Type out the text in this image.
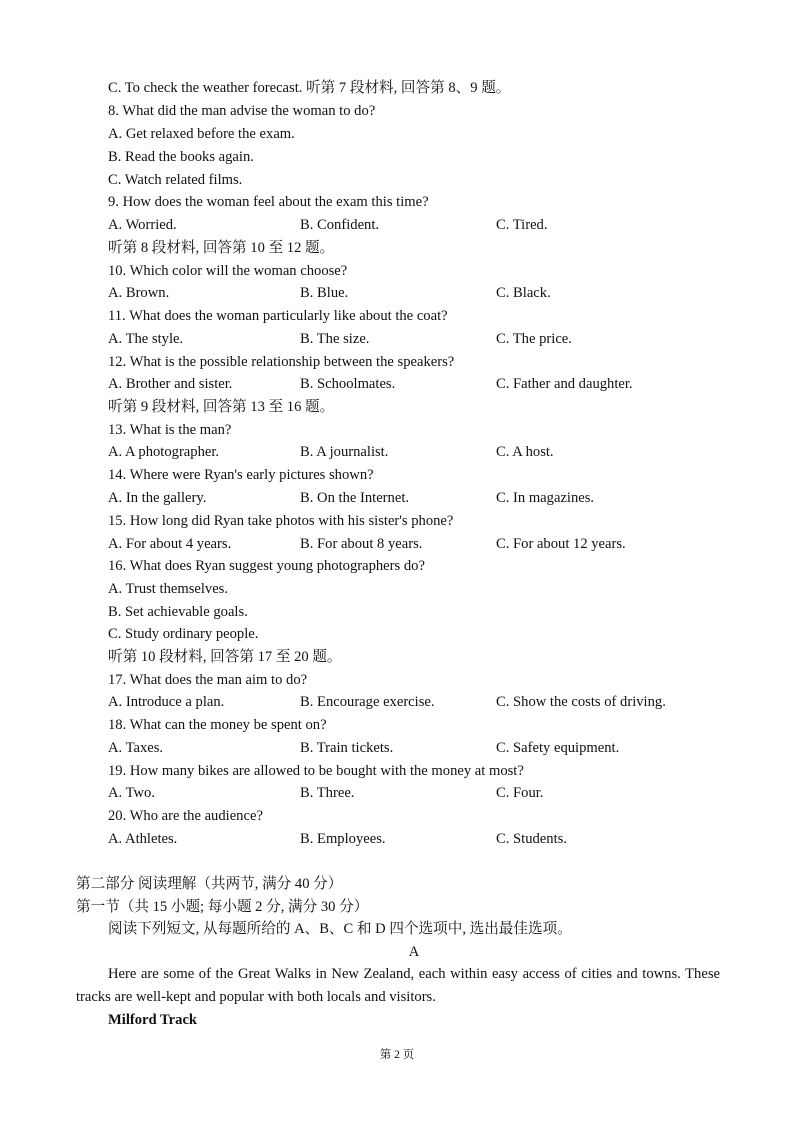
C. To check the weather forecast. 听第 7 段材料, 回答第 8、9 题。
8. What did the man advise the woman to do?
A. Get relaxed before the exam.
B. Read the books again.
C. Watch related films.
9. How does the woman feel about the exam this time?
A. Worried.	B. Confident.	C. Tired.
听第 8 段材料, 回答第 10 至 12 题。
10. Which color will the woman choose?
A. Brown.	B. Blue.	C. Black.
11. What does the woman particularly like about the coat?
A. The style.	B. The size.	C. The price.
12. What is the possible relationship between the speakers?
A. Brother and sister.	B. Schoolmates.	C. Father and daughter.
听第 9 段材料, 回答第 13 至 16 题。
13. What is the man?
A. A photographer.	B. A journalist.	C. A host.
14. Where were Ryan's early pictures shown?
A. In the gallery.	B. On the Internet.	C. In magazines.
15. How long did Ryan take photos with his sister's phone?
A. For about 4 years.	B. For about 8 years.	C. For about 12 years.
16. What does Ryan suggest young photographers do?
A. Trust themselves.
B. Set achievable goals.
C. Study ordinary people.
听第 10 段材料, 回答第 17 至 20 题。
17. What does the man aim to do?
A. Introduce a plan.	B. Encourage exercise.	C. Show the costs of driving.
18. What can the money be spent on?
A. Taxes.	B. Train tickets.	C. Safety equipment.
19. How many bikes are allowed to be bought with the money at most?
A. Two.	B. Three.	C. Four.
20. Who are the audience?
A. Athletes.	B. Employees.	C. Students.
第二部分 阅读理解（共两节, 满分 40 分）
第一节（共 15 小题; 每小题 2 分, 满分 30 分）
阅读下列短文, 从每题所给的 A、B、C 和 D 四个选项中, 选出最佳选项。
A
Here are some of the Great Walks in New Zealand, each within easy access of cities and towns. These tracks are well-kept and popular with both locals and visitors.
Milford Track
第 2 页
